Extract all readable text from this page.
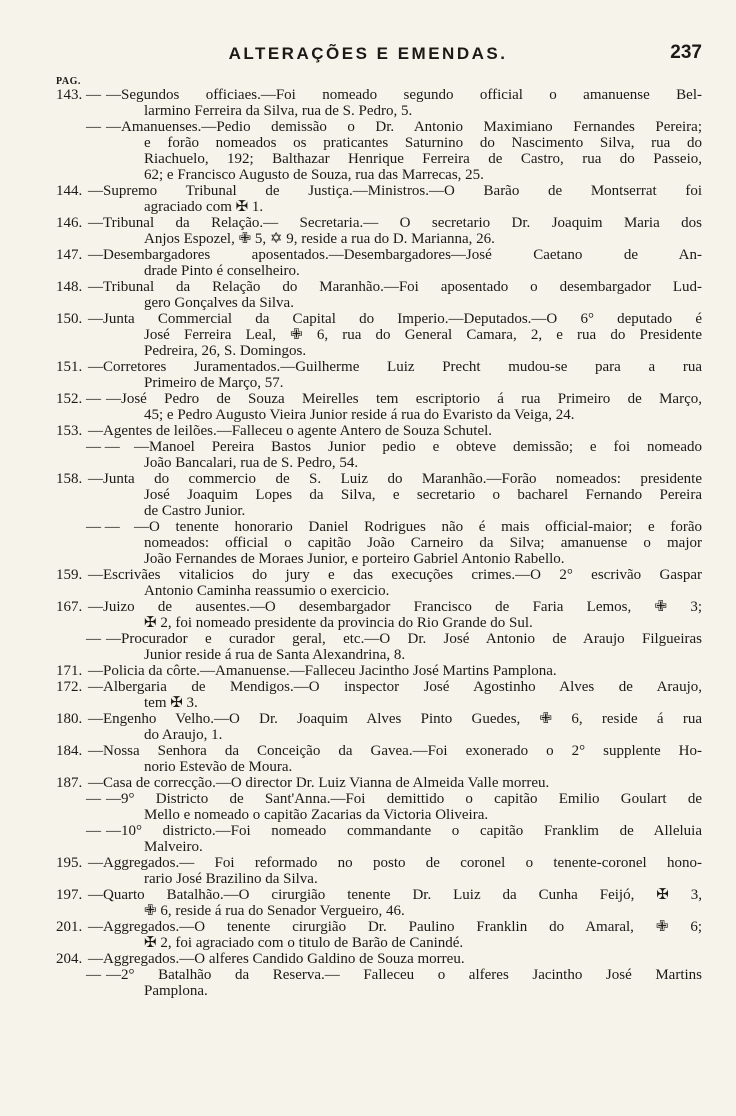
ALTERAÇÕES E EMENDAS.	237
PAG.
143. — —Segundos officiaes.—Foi nomeado segundo official o amanuense Bel-
larmino Ferreira da Silva, rua de S. Pedro, 5.
— —Amanuenses.—Pedio demissão o Dr. Antonio Maximiano Fernandes Pereira;
e forão nomeados os praticantes Saturnino do Nascimento Silva, rua do
Riachuelo, 192; Balthazar Henrique Ferreira de Castro, rua do Passeio,
62; e Francisco Augusto de Souza, rua das Marrecas, 25.
144. —Supremo Tribunal de Justiça.—Ministros.—O Barão de Montserrat foi
agraciado com ✠ 1.
146. —Tribunal da Relação.— Secretaria.— O secretario Dr. Joaquim Maria dos
Anjos Espozel, ✙ 5, ✡ 9, reside a rua do D. Marianna, 26.
147. —Desembargadores aposentados.—Desembargadores—José Caetano de An-
drade Pinto é conselheiro.
148. —Tribunal da Relação do Maranhão.—Foi aposentado o desembargador Lud-
gero Gonçalves da Silva.
150. —Junta Commercial da Capital do Imperio.—Deputados.—O 6° deputado é
José Ferreira Leal, ✙ 6, rua do General Camara, 2, e rua do Presidente
Pedreira, 26, S. Domingos.
151. —Corretores Juramentados.—Guilherme Luiz Precht mudou-se para a rua
Primeiro de Março, 57.
152. — —José Pedro de Souza Meirelles tem escriptorio á rua Primeiro de Março,
45; e Pedro Augusto Vieira Junior reside á rua do Evaristo da Veiga, 24.
153. —Agentes de leilões.—Falleceu o agente Antero de Souza Schutel.
— — —Manoel Pereira Bastos Junior pedio e obteve demissão; e foi nomeado
João Bancalari, rua de S. Pedro, 54.
158. —Junta do commercio de S. Luiz do Maranhão.—Forão nomeados: presidente
José Joaquim Lopes da Silva, e secretario o bacharel Fernando Pereira
de Castro Junior.
— — —O tenente honorario Daniel Rodrigues não é mais official-maior; e forão
nomeados: official o capitão João Carneiro da Silva; amanuense o major
João Fernandes de Moraes Junior, e porteiro Gabriel Antonio Rabello.
159. —Escrivães vitalicios do jury e das execuções crimes.—O 2° escrivão Gaspar
Antonio Caminha reassumio o exercicio.
167. —Juizo de ausentes.—O desembargador Francisco de Faria Lemos, ✙ 3;
✠ 2, foi nomeado presidente da provincia do Rio Grande do Sul.
— —Procurador e curador geral, etc.—O Dr. José Antonio de Araujo Filgueiras
Junior reside á rua de Santa Alexandrina, 8.
171. —Policia da côrte.—Amanuense.—Falleceu Jacintho José Martins Pamplona.
172. —Albergaria de Mendigos.—O inspector José Agostinho Alves de Araujo,
tem ✠ 3.
180. —Engenho Velho.—O Dr. Joaquim Alves Pinto Guedes, ✙ 6, reside á rua
do Araujo, 1.
184. —Nossa Senhora da Conceição da Gavea.—Foi exonerado o 2° supplente Ho-
norio Estevão de Moura.
187. —Casa de correcção.—O director Dr. Luiz Vianna de Almeida Valle morreu.
— —9° Districto de Sant'Anna.—Foi demittido o capitão Emilio Goulart de
Mello e nomeado o capitão Zacarias da Victoria Oliveira.
— —10° districto.—Foi nomeado commandante o capitão Franklim de Alleluia
Malveiro.
195. —Aggregados.— Foi reformado no posto de coronel o tenente-coronel hono-
rario José Brazilino da Silva.
197. —Quarto Batalhão.—O cirurgião tenente Dr. Luiz da Cunha Feijó, ✠ 3,
✙ 6, reside á rua do Senador Vergueiro, 46.
201. —Aggregados.—O tenente cirurgião Dr. Paulino Franklin do Amaral, ✙ 6;
✠ 2, foi agraciado com o titulo de Barão de Canindé.
204. —Aggregados.—O alferes Candido Galdino de Souza morreu.
— —2° Batalhão da Reserva.— Falleceu o alferes Jacintho José Martins
Pamplona.
